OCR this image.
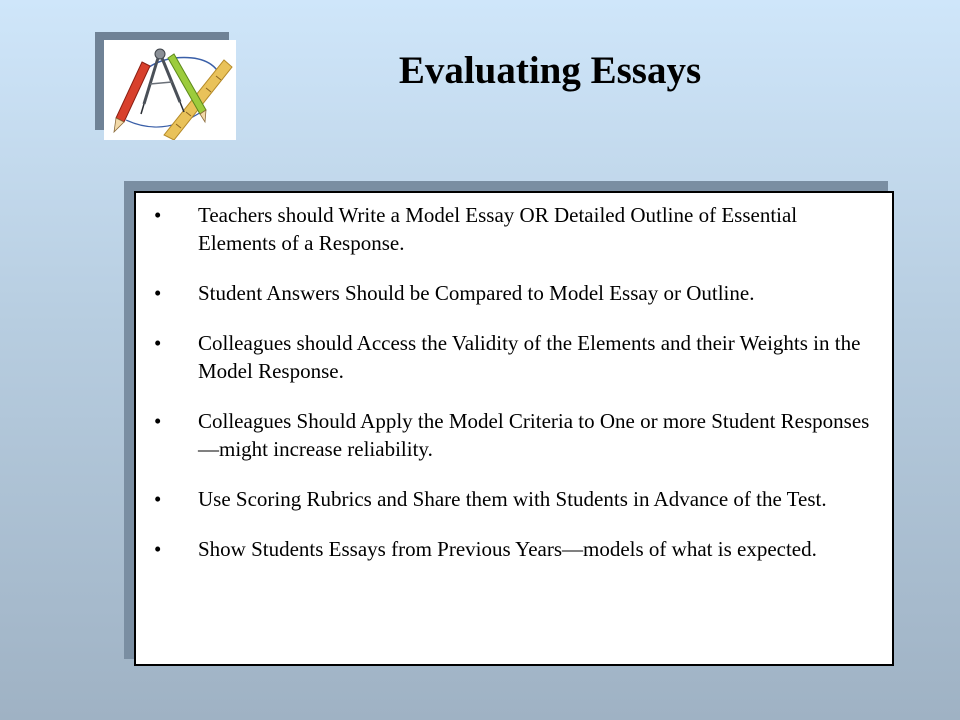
Evaluating Essays
• Teachers should Write a Model Essay OR Detailed Outline of Essential Elements of a Response.
• Student Answers Should be Compared to Model Essay or Outline.
• Colleagues should Access the Validity of the Elements and their Weights in the Model Response.
• Colleagues Should Apply the Model Criteria to One or more Student Responses—might increase reliability.
• Use Scoring Rubrics and Share them with Students in Advance of the Test.
• Show Students Essays from Previous Years—models of what is expected.
